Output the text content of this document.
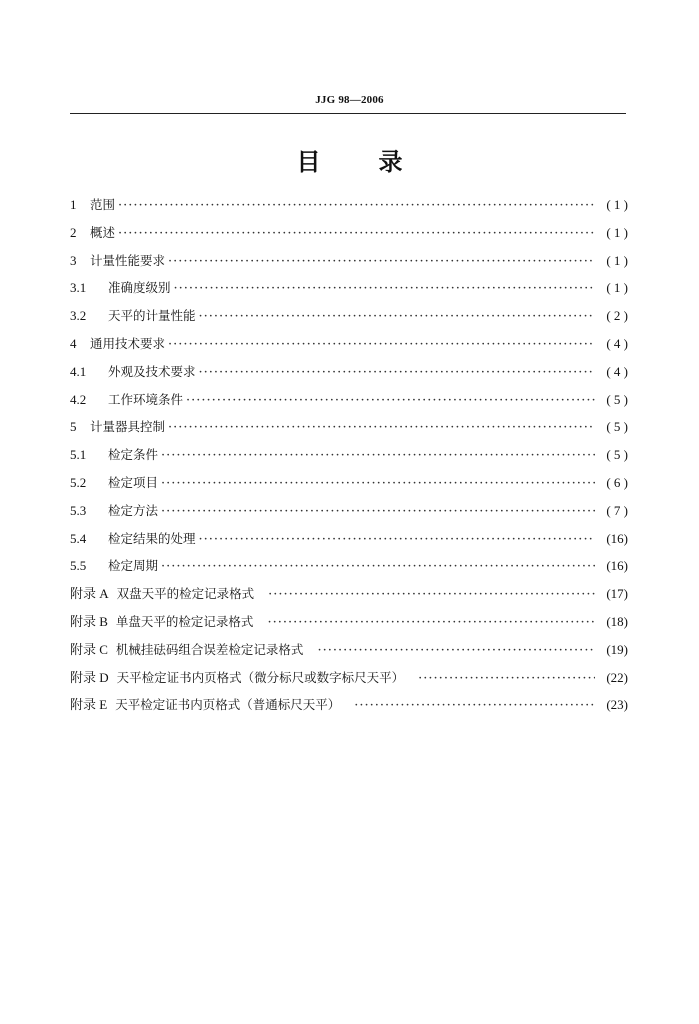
JJG 98—2006
目 录
1	范围 ·····	( 1 )
2	概述 ·····	( 1 )
3	计量性能要求 ·····	( 1 )
3.1	准确度级别 ·····	( 1 )
3.2	天平的计量性能 ·····	( 2 )
4	通用技术要求 ·····	( 4 )
4.1	外观及技术要求 ·····	( 4 )
4.2	工作环境条件 ·····	( 5 )
5	计量器具控制 ·····	( 5 )
5.1	检定条件 ·····	( 5 )
5.2	检定项目 ·····	( 6 )
5.3	检定方法 ·····	( 7 )
5.4	检定结果的处理 ·····	(16)
5.5	检定周期 ·····	(16)
附录 A 双盘天平的检定记录格式 ·····	(17)
附录 B 单盘天平的检定记录格式 ·····	(18)
附录 C 机械挂砝码组合误差检定记录格式 ·····	(19)
附录 D 天平检定证书内页格式（微分标尺或数字标尺天平） ·····	(22)
附录 E 天平检定证书内页格式（普通标尺天平） ·····	(23)
